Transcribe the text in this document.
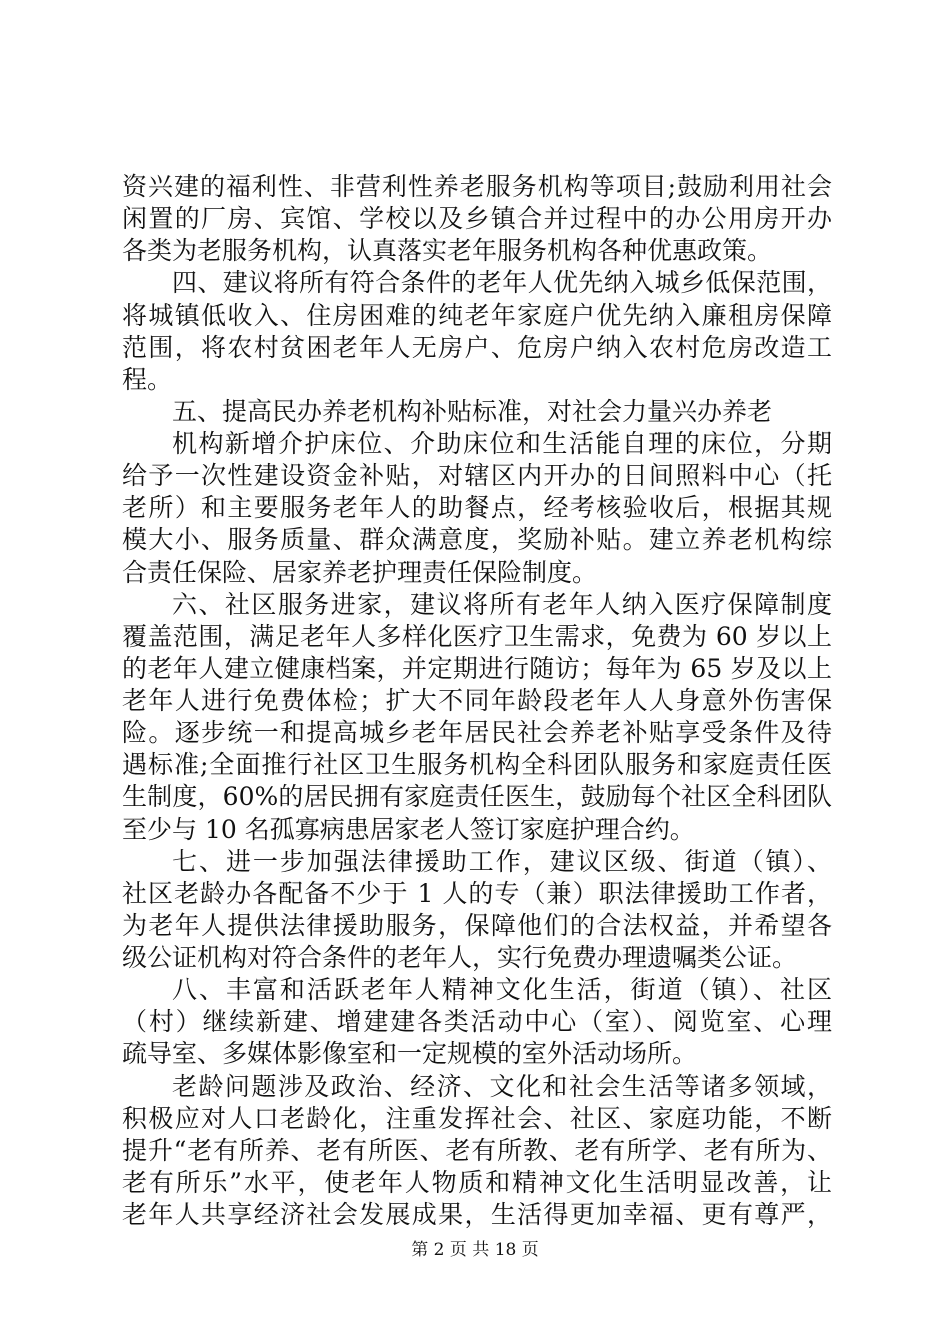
资兴建的福利性、非营利性养老服务机构等项目;鼓励利用社会
闲置的厂房、宾馆、学校以及乡镇合并过程中的办公用房开办
各类为老服务机构，认真落实老年服务机构各种优惠政策。
四、建议将所有符合条件的老年人优先纳入城乡低保范围，
将城镇低收入、住房困难的纯老年家庭户优先纳入廉租房保障
范围，将农村贫困老年人无房户、危房户纳入农村危房改造工
程。
五、提高民办养老机构补贴标准，对社会力量兴办养老
机构新增介护床位、介助床位和生活能自理的床位，分期
给予一次性建设资金补贴，对辖区内开办的日间照料中心（托
老所）和主要服务老年人的助餐点，经考核验收后，根据其规
模大小、服务质量、群众满意度，奖励补贴。建立养老机构综
合责任保险、居家养老护理责任保险制度。
六、社区服务进家，建议将所有老年人纳入医疗保障制度
覆盖范围，满足老年人多样化医疗卫生需求，免费为 60 岁以上
的老年人建立健康档案，并定期进行随访；每年为 65 岁及以上
老年人进行免费体检；扩大不同年龄段老年人人身意外伤害保
险。逐步统一和提高城乡老年居民社会养老补贴享受条件及待
遇标准;全面推行社区卫生服务机构全科团队服务和家庭责任医
生制度，60%的居民拥有家庭责任医生，鼓励每个社区全科团队
至少与 10 名孤寡病患居家老人签订家庭护理合约。
七、进一步加强法律援助工作，建议区级、街道（镇）、
社区老龄办各配备不少于 1 人的专（兼）职法律援助工作者，
为老年人提供法律援助服务，保障他们的合法权益，并希望各
级公证机构对符合条件的老年人，实行免费办理遗嘱类公证。
八、丰富和活跃老年人精神文化生活，街道（镇）、社区
（村）继续新建、增建建各类活动中心（室）、阅览室、心理
疏导室、多媒体影像室和一定规模的室外活动场所。
老龄问题涉及政治、经济、文化和社会生活等诸多领域，
积极应对人口老龄化，注重发挥社会、社区、家庭功能，不断
提升“老有所养、老有所医、老有所教、老有所学、老有所为、
老有所乐”水平，使老年人物质和精神文化生活明显改善，让
老年人共享经济社会发展成果，生活得更加幸福、更有尊严，
第 2 页 共 18 页
